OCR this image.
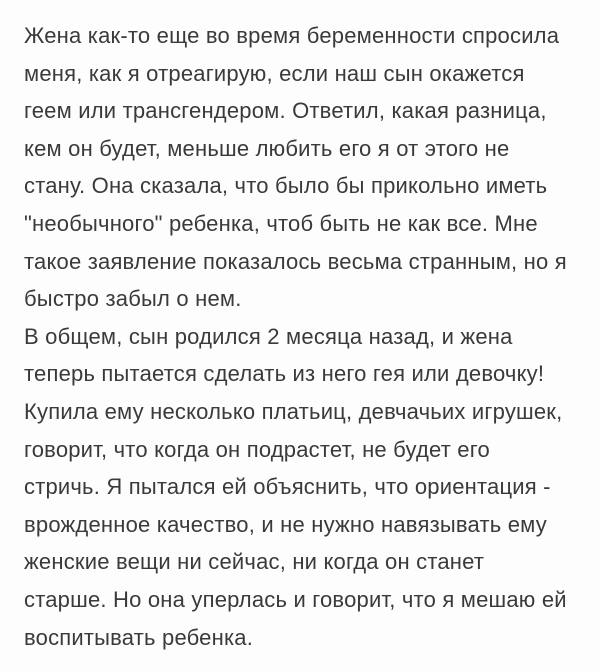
Жена как-то еще во время беременности спросила
меня, как я отреагирую, если наш сын окажется
геем или трансгендером. Ответил, какая разница,
кем он будет, меньше любить его я от этого не
стану. Она сказала, что было бы прикольно иметь
"необычного" ребенка, чтоб быть не как все. Мне
такое заявление показалось весьма странным, но я
быстро забыл о нем.
В общем, сын родился 2 месяца назад, и жена
теперь пытается сделать из него гея или девочку!
Купила ему несколько платьиц, девчачьих игрушек,
говорит, что когда он подрастет, не будет его
стричь. Я пытался ей объяснить, что ориентация -
врожденное качество, и не нужно навязывать ему
женские вещи ни сейчас, ни когда он станет
старше. Но она уперлась и говорит, что я мешаю ей
воспитывать ребенка.
